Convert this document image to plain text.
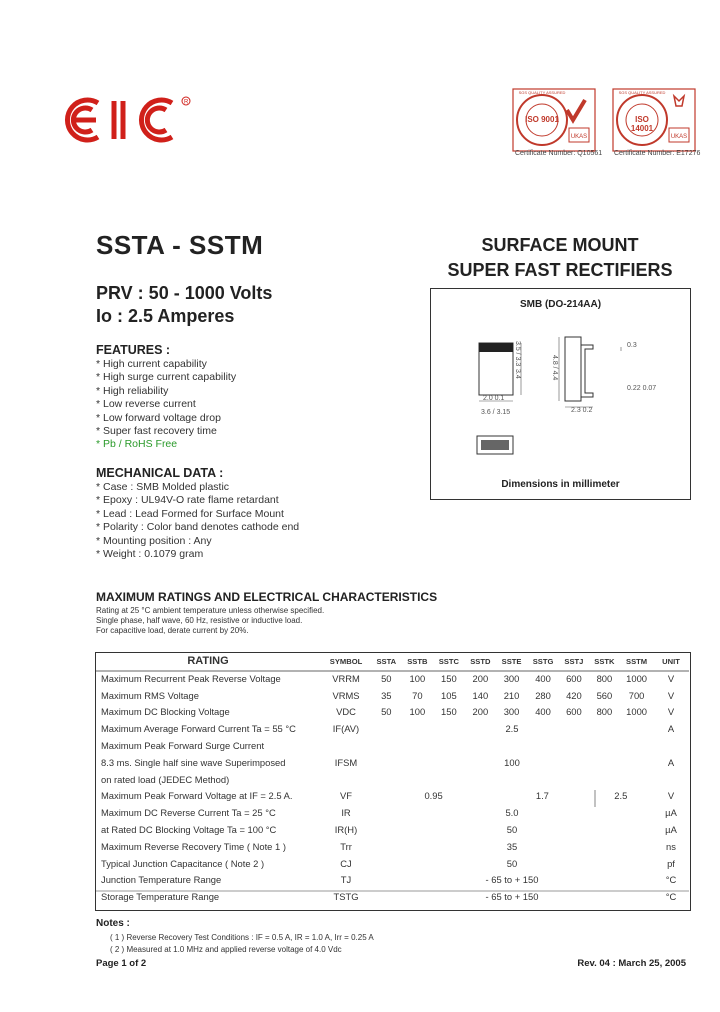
R
UKAS
ISO 9001
SGS QUALITY ASSURED
Certificate Number: Q10561
UKAS
ISO 14001
SGS QUALITY ASSURED
Certificate Number: E17276
SSTA - SSTM	SURFACE MOUNT
SUPER FAST RECTIFIERS
PRV : 50 - 1000 Volts
Io : 2.5 Amperes
FEATURES :
* High current capability
* High surge current capability
* High reliability
* Low reverse current
* Low forward voltage drop
* Super fast recovery time
* Pb / RoHS Free
MECHANICAL DATA :
* Case : SMB Molded plastic
* Epoxy : UL94V-O rate flame retardant
* Lead : Lead Formed for Surface Mount
* Polarity : Color band denotes cathode end
* Mounting position : Any
* Weight : 0.1079 gram
SMB (DO-214AA)
3.5 / 3.3
3.4	4.8 / 4.4
0.3
0.22 0.07
2.0 0.1
3.6 / 3.15	2.3 0.2
Dimensions in millimeter
MAXIMUM RATINGS AND ELECTRICAL CHARACTERISTICS
Rating at 25 °C ambient temperature unless otherwise specified.
Single phase, half wave, 60 Hz, resistive or inductive load.
For capacitive load, derate current by 20%.
RATING	SYMBOL	SSTA	SSTB	SSTC	SSTD	SSTE	SSTG	SSTJ	SSTK	SSTM	UNIT
Maximum Recurrent Peak Reverse Voltage	VRRM	50	100	150	200	300	400	600	800	1000	V
Maximum RMS Voltage	VRMS	35	70	105	140	210	280	420	560	700	V
Maximum DC Blocking Voltage	VDC	50	100	150	200	300	400	600	800	1000	V
Maximum Average Forward Current Ta = 55 °C	IF(AV)	2.5									A
Maximum Peak Forward Surge Current											
8.3 ms. Single half sine wave Superimposed	IFSM	100									A
on rated load (JEDEC Method)											
Maximum Peak Forward Voltage at IF = 2.5 A.	VF	0.95				1.7			2.5		V
Maximum DC Reverse Current Ta = 25 °C	IR	5.0									µA
at Rated DC Blocking Voltage Ta = 100 °C	IR(H)	50									µA
Maximum Reverse Recovery Time ( Note 1 )	Trr	35									ns
Typical Junction Capacitance ( Note 2 )	CJ	50									pf
Junction Temperature Range	TJ	- 65 to + 150									°C
Storage Temperature Range	TSTG	- 65 to + 150									°C
Notes :
( 1 ) Reverse Recovery Test Conditions : IF = 0.5 A, IR = 1.0 A, Irr = 0.25 A
( 2 ) Measured at 1.0 MHz and applied reverse voltage of 4.0 Vdc
Page 1 of 2	Rev. 04 : March 25, 2005
